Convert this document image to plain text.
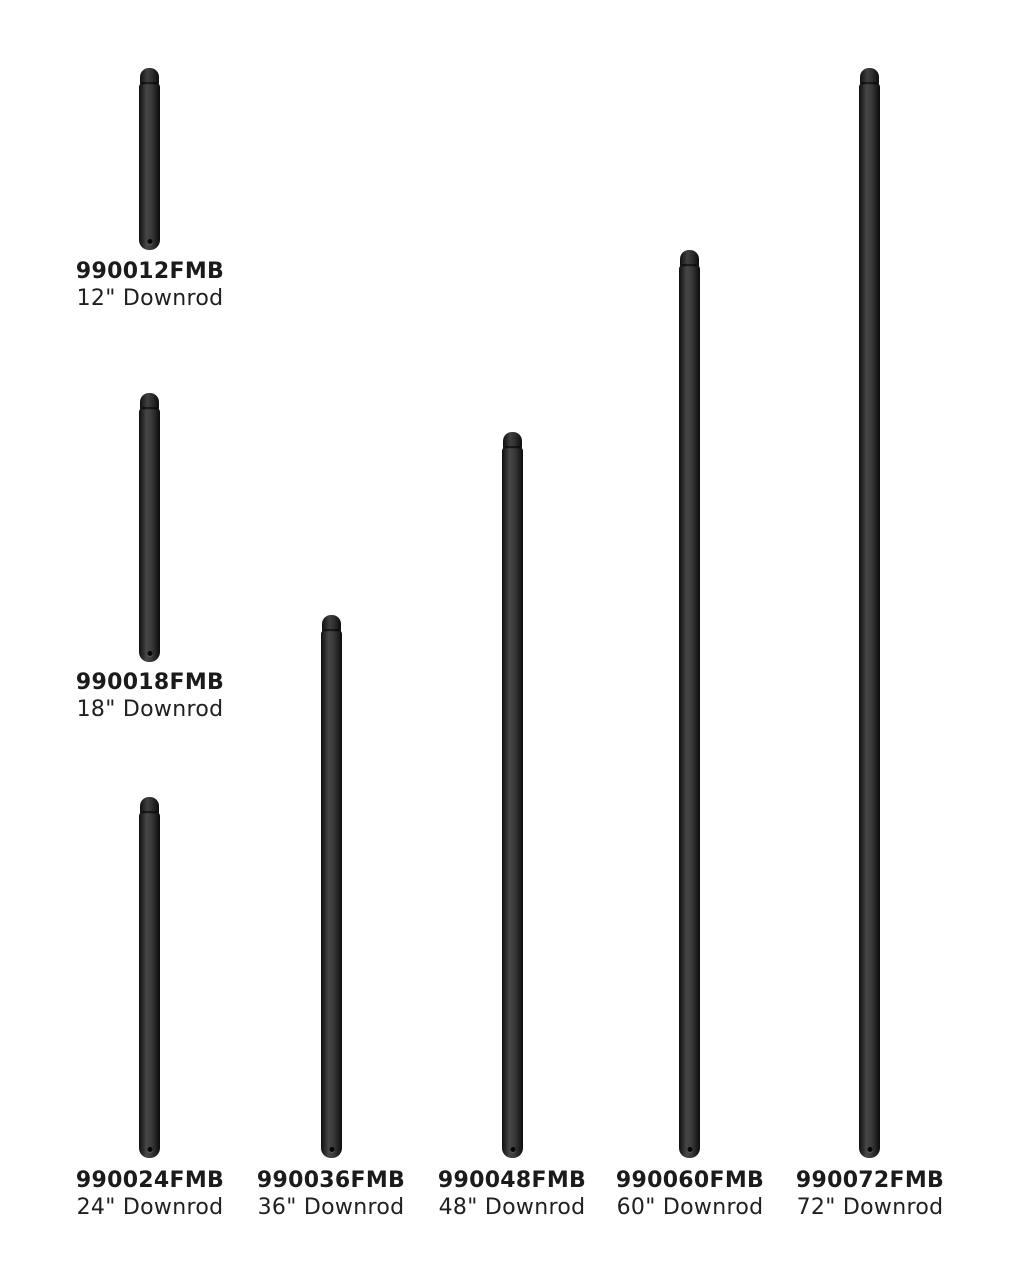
990012FMB
12" Downrod
990018FMB
18" Downrod
990024FMB
24" Downrod
990036FMB
36" Downrod
990048FMB
48" Downrod
990060FMB
60" Downrod
990072FMB
72" Downrod
